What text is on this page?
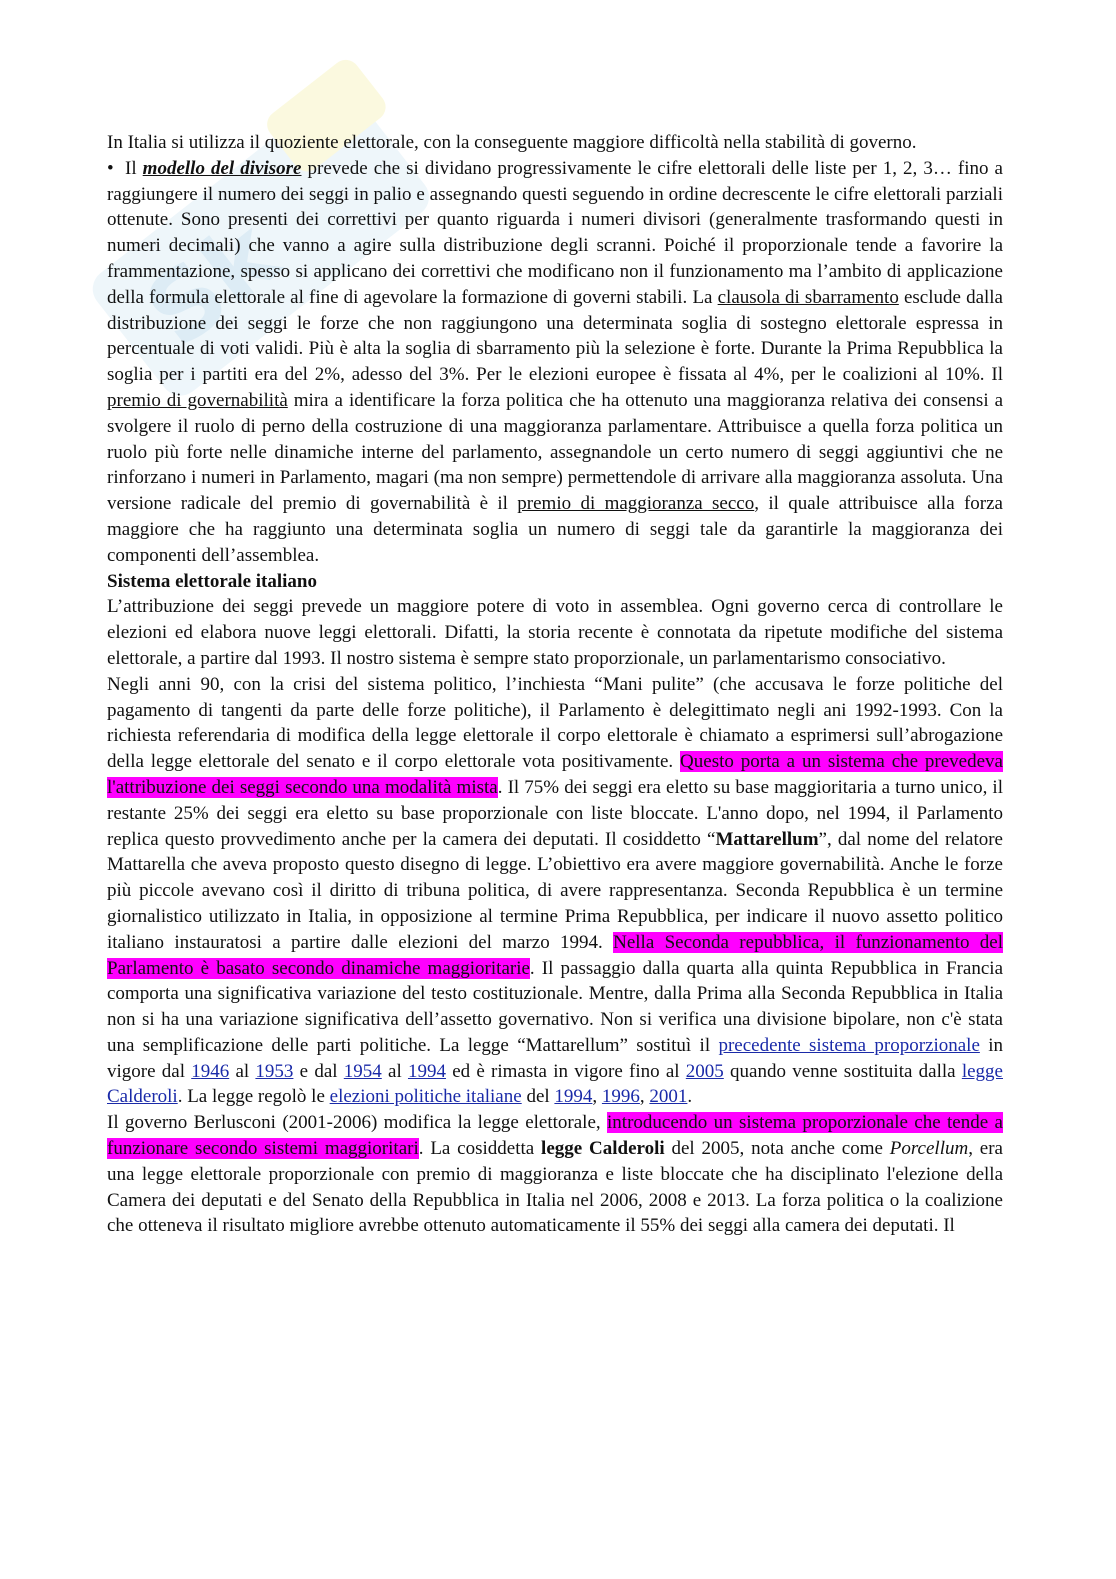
Sk

In Italia si utilizza il quoziente elettorale, con la conseguente maggiore difficoltà nella stabilità di governo.

• Il modello del divisore prevede che si dividano progressivamente le cifre elettorali delle liste per 1, 2, 3… fino a raggiungere il numero dei seggi in palio e assegnando questi seguendo in ordine decrescente le cifre elettorali parziali ottenute. Sono presenti dei correttivi per quanto riguarda i numeri divisori (generalmente trasformando questi in numeri decimali) che vanno a agire sulla distribuzione degli scranni. Poiché il proporzionale tende a favorire la frammentazione, spesso si applicano dei correttivi che modificano non il funzionamento ma l’ambito di applicazione della formula elettorale al fine di agevolare la formazione di governi stabili. La clausola di sbarramento esclude dalla distribuzione dei seggi le forze che non raggiungono una determinata soglia di sostegno elettorale espressa in percentuale di voti validi. Più è alta la soglia di sbarramento più la selezione è forte. Durante la Prima Repubblica la soglia per i partiti era del 2%, adesso del 3%. Per le elezioni europee è fissata al 4%, per le coalizioni al 10%. Il premio di governabilità mira a identificare la forza politica che ha ottenuto una maggioranza relativa dei consensi a svolgere il ruolo di perno della costruzione di una maggioranza parlamentare. Attribuisce a quella forza politica un ruolo più forte nelle dinamiche interne del parlamento, assegnandole un certo numero di seggi aggiuntivi che ne rinforzano i numeri in Parlamento, magari (ma non sempre) permettendole di arrivare alla maggioranza assoluta. Una versione radicale del premio di governabilità è il premio di maggioranza secco, il quale attribuisce alla forza maggiore che ha raggiunto una determinata soglia un numero di seggi tale da garantirle la maggioranza dei componenti dell’assemblea.

Sistema elettorale italiano

L’attribuzione dei seggi prevede un maggiore potere di voto in assemblea. Ogni governo cerca di controllare le elezioni ed elabora nuove leggi elettorali. Difatti, la storia recente è connotata da ripetute modifiche del sistema elettorale, a partire dal 1993. Il nostro sistema è sempre stato proporzionale, un parlamentarismo consociativo.

Negli anni 90, con la crisi del sistema politico, l’inchiesta “Mani pulite” (che accusava le forze politiche del pagamento di tangenti da parte delle forze politiche), il Parlamento è delegittimato negli ani 1992-1993. Con la richiesta referendaria di modifica della legge elettorale il corpo elettorale è chiamato a esprimersi sull’abrogazione della legge elettorale del senato e il corpo elettorale vota positivamente. Questo porta a un sistema che prevedeva l'attribuzione dei seggi secondo una modalità mista. Il 75% dei seggi era eletto su base maggioritaria a turno unico, il restante 25% dei seggi era eletto su base proporzionale con liste bloccate. L'anno dopo, nel 1994, il Parlamento replica questo provvedimento anche per la camera dei deputati. Il cosiddetto “Mattarellum”, dal nome del relatore Mattarella che aveva proposto questo disegno di legge. L’obiettivo era avere maggiore governabilità. Anche le forze più piccole avevano così il diritto di tribuna politica, di avere rappresentanza. Seconda Repubblica è un termine giornalistico utilizzato in Italia, in opposizione al termine Prima Repubblica, per indicare il nuovo assetto politico italiano instauratosi a partire dalle elezioni del marzo 1994. Nella Seconda repubblica, il funzionamento del Parlamento è basato secondo dinamiche maggioritarie. Il passaggio dalla quarta alla quinta Repubblica in Francia comporta una significativa variazione del testo costituzionale. Mentre, dalla Prima alla Seconda Repubblica in Italia non si ha una variazione significativa dell’assetto governativo. Non si verifica una divisione bipolare, non c'è stata una semplificazione delle parti politiche. La legge “Mattarellum” sostituì il precedente sistema proporzionale in vigore dal 1946 al 1953 e dal 1954 al 1994 ed è rimasta in vigore fino al 2005 quando venne sostituita dalla legge Calderoli. La legge regolò le elezioni politiche italiane del 1994, 1996, 2001.

Il governo Berlusconi (2001-2006) modifica la legge elettorale, introducendo un sistema proporzionale che tende a funzionare secondo sistemi maggioritari. La cosiddetta legge Calderoli del 2005, nota anche come Porcellum, era una legge elettorale proporzionale con premio di maggioranza e liste bloccate che ha disciplinato l'elezione della Camera dei deputati e del Senato della Repubblica in Italia nel 2006, 2008 e 2013. La forza politica o la coalizione che otteneva il risultato migliore avrebbe ottenuto automaticamente il 55% dei seggi alla camera dei deputati. Il
